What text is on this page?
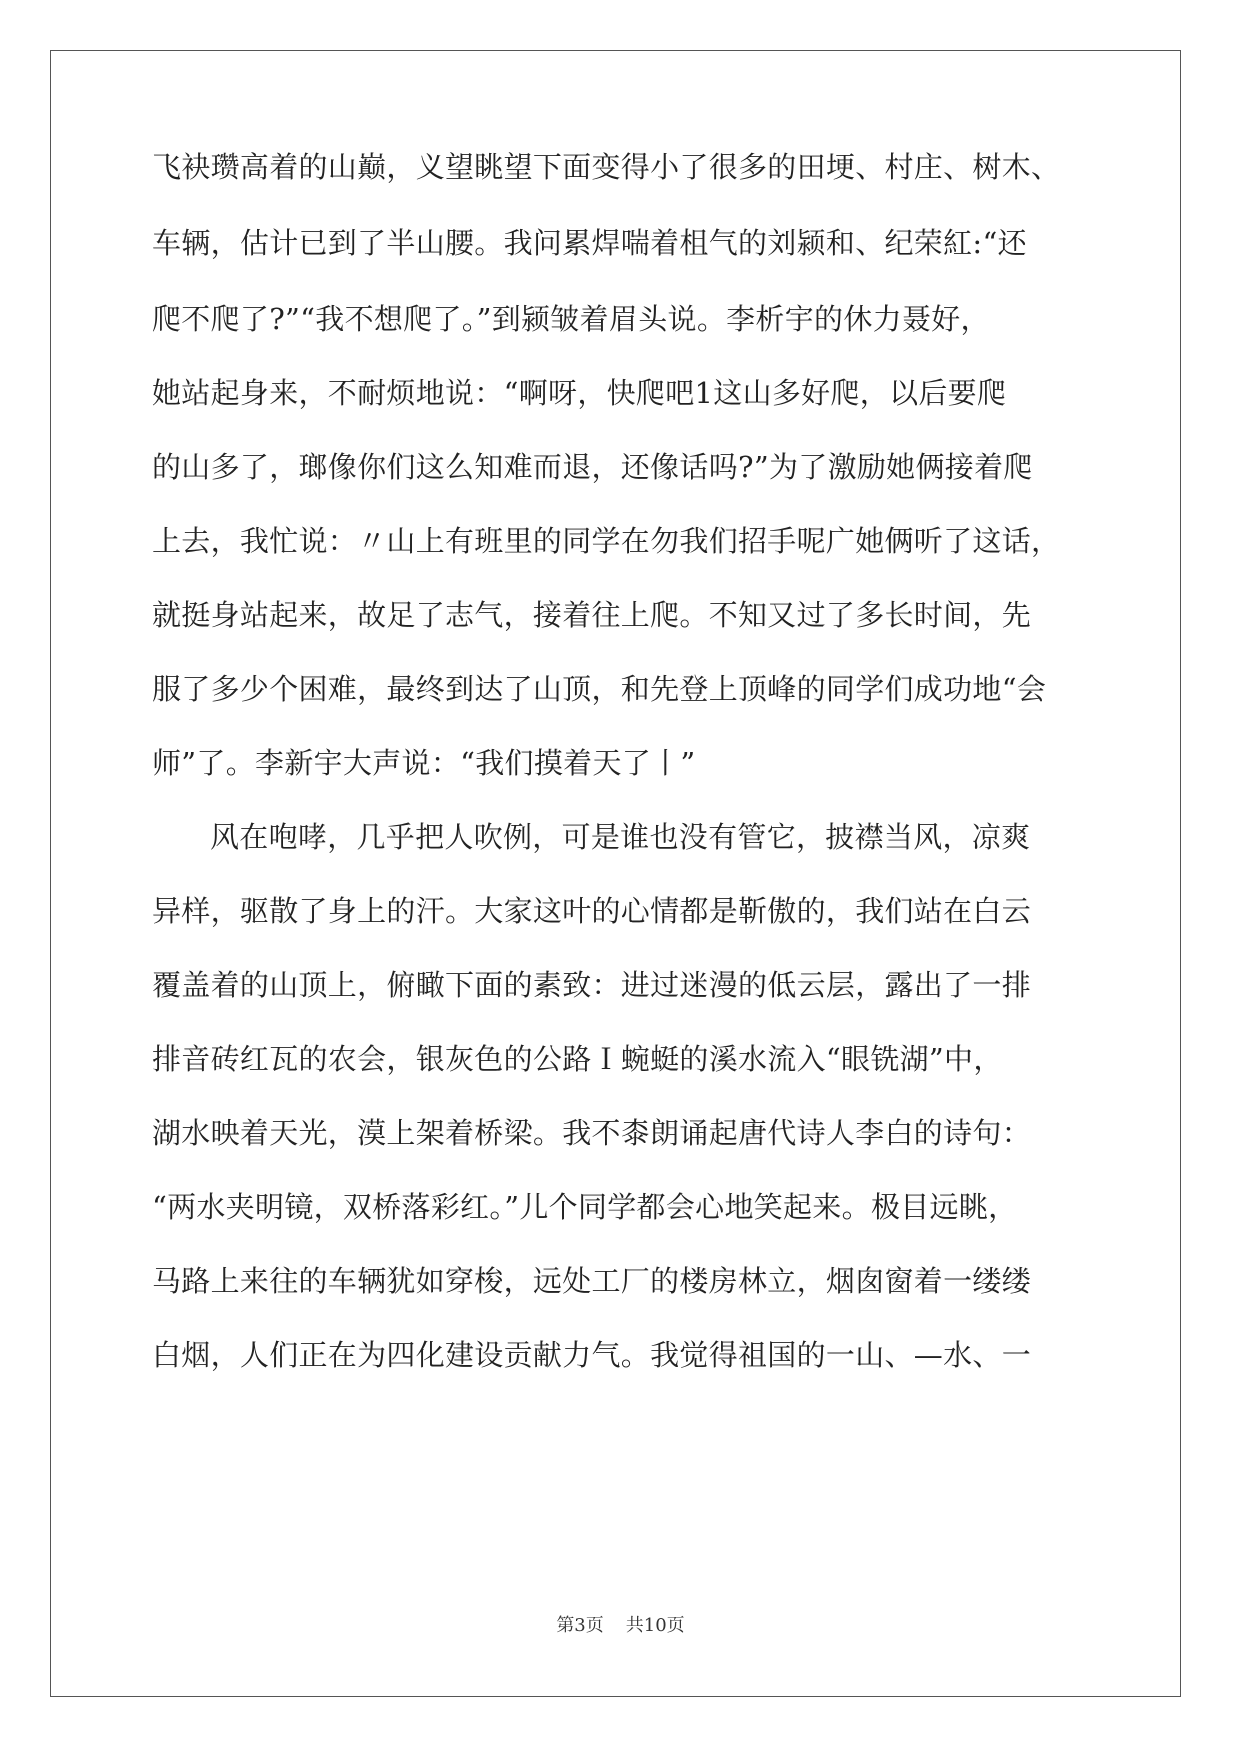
飞袂瓒高着的山巅，义望眺望下面变得小了很多的田埂、村庄、树木、
车辆，估计已到了半山腰。我问累焊喘着柤气的刘颍和、纪荣紅:“还
爬不爬了?”“我不想爬了。”到颍皱着眉头说。李析宇的休力聂好，
她站起身来，不耐烦地说：“啊呀，快爬吧1这山多好爬，以后要爬
的山多了，瑯像你们这么知难而退，还像话吗?”为了激励她俩接着爬
上去，我忙说：〃山上有班里的同学在勿我们招手呢广她俩听了这话，
就挺身站起来，故足了志气，接着往上爬。不知又过了多长时间，先
服了多少个困难，最终到达了山顶，和先登上顶峰的同学们成功地“会
师”了。李新宇大声说：“我们摸着天了丨”
风在咆哮，几乎把人吹例，可是谁也没有管它，披襟当风，凉爽
异样，驱散了身上的汗。大家这叶的心情都是靳傲的，我们站在白云
覆盖着的山顶上，俯瞰下面的素致：进过迷漫的低云层，露出了一排
排音砖红瓦的农会，银灰色的公路Ｉ蜿蜓的溪水流入“眼铣湖”中，
湖水映着天光，漠上架着桥梁。我不桼朗诵起唐代诗人李白的诗句：
“两水夹明镜，双桥落彩红。”儿个同学都会心地笑起来。极目远眺，
马路上来往的车辆犹如穿梭，远处工厂的楼房林立，烟囱窗着一缕缕
白烟，人们正在为四化建设贡献力气。我觉得祖国的一山、—水、一
第3页 共10页
